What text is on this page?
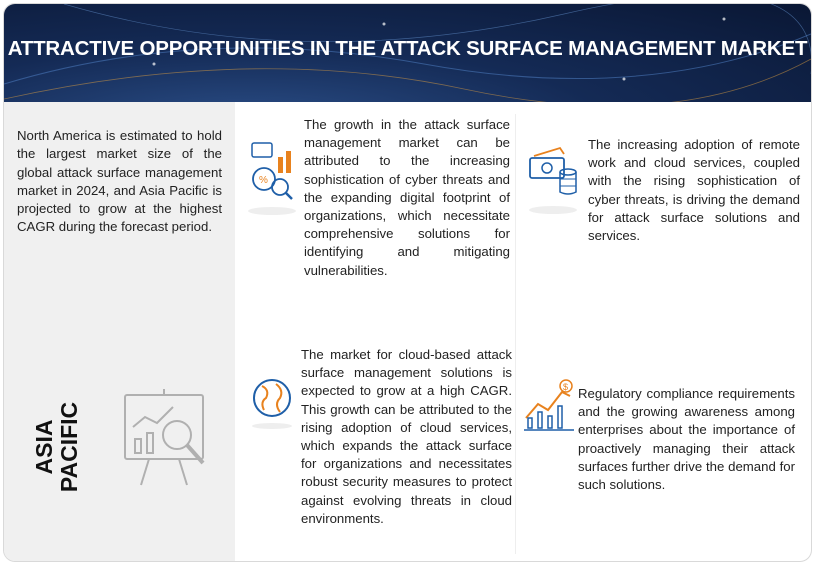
ATTRACTIVE OPPORTUNITIES IN THE ATTACK SURFACE MANAGEMENT MARKET
North America is estimated to hold the largest market size of the global attack surface management market in 2024, and Asia Pacific is projected to grow at the highest CAGR during the forecast period.
ASIA PACIFIC
%
The growth in the attack surface management market can be attributed to the increasing sophistication of cyber threats and the expanding digital footprint of organizations, which necessitate comprehensive solutions for identifying and mitigating vulnerabilities.
The increasing adoption of remote work and cloud services, coupled with the rising sophistication of cyber threats, is driving the demand for attack surface solutions and services.
The market for cloud-based attack surface management solutions is expected to grow at a high CAGR. This growth can be attributed to the rising adoption of cloud services, which expands the attack surface for organizations and necessitates robust security measures to protect against evolving threats in cloud environments.
$ Regulatory compliance requirements and the growing awareness among enterprises about the importance of proactively managing their attack surfaces further drive the demand for such solutions.
